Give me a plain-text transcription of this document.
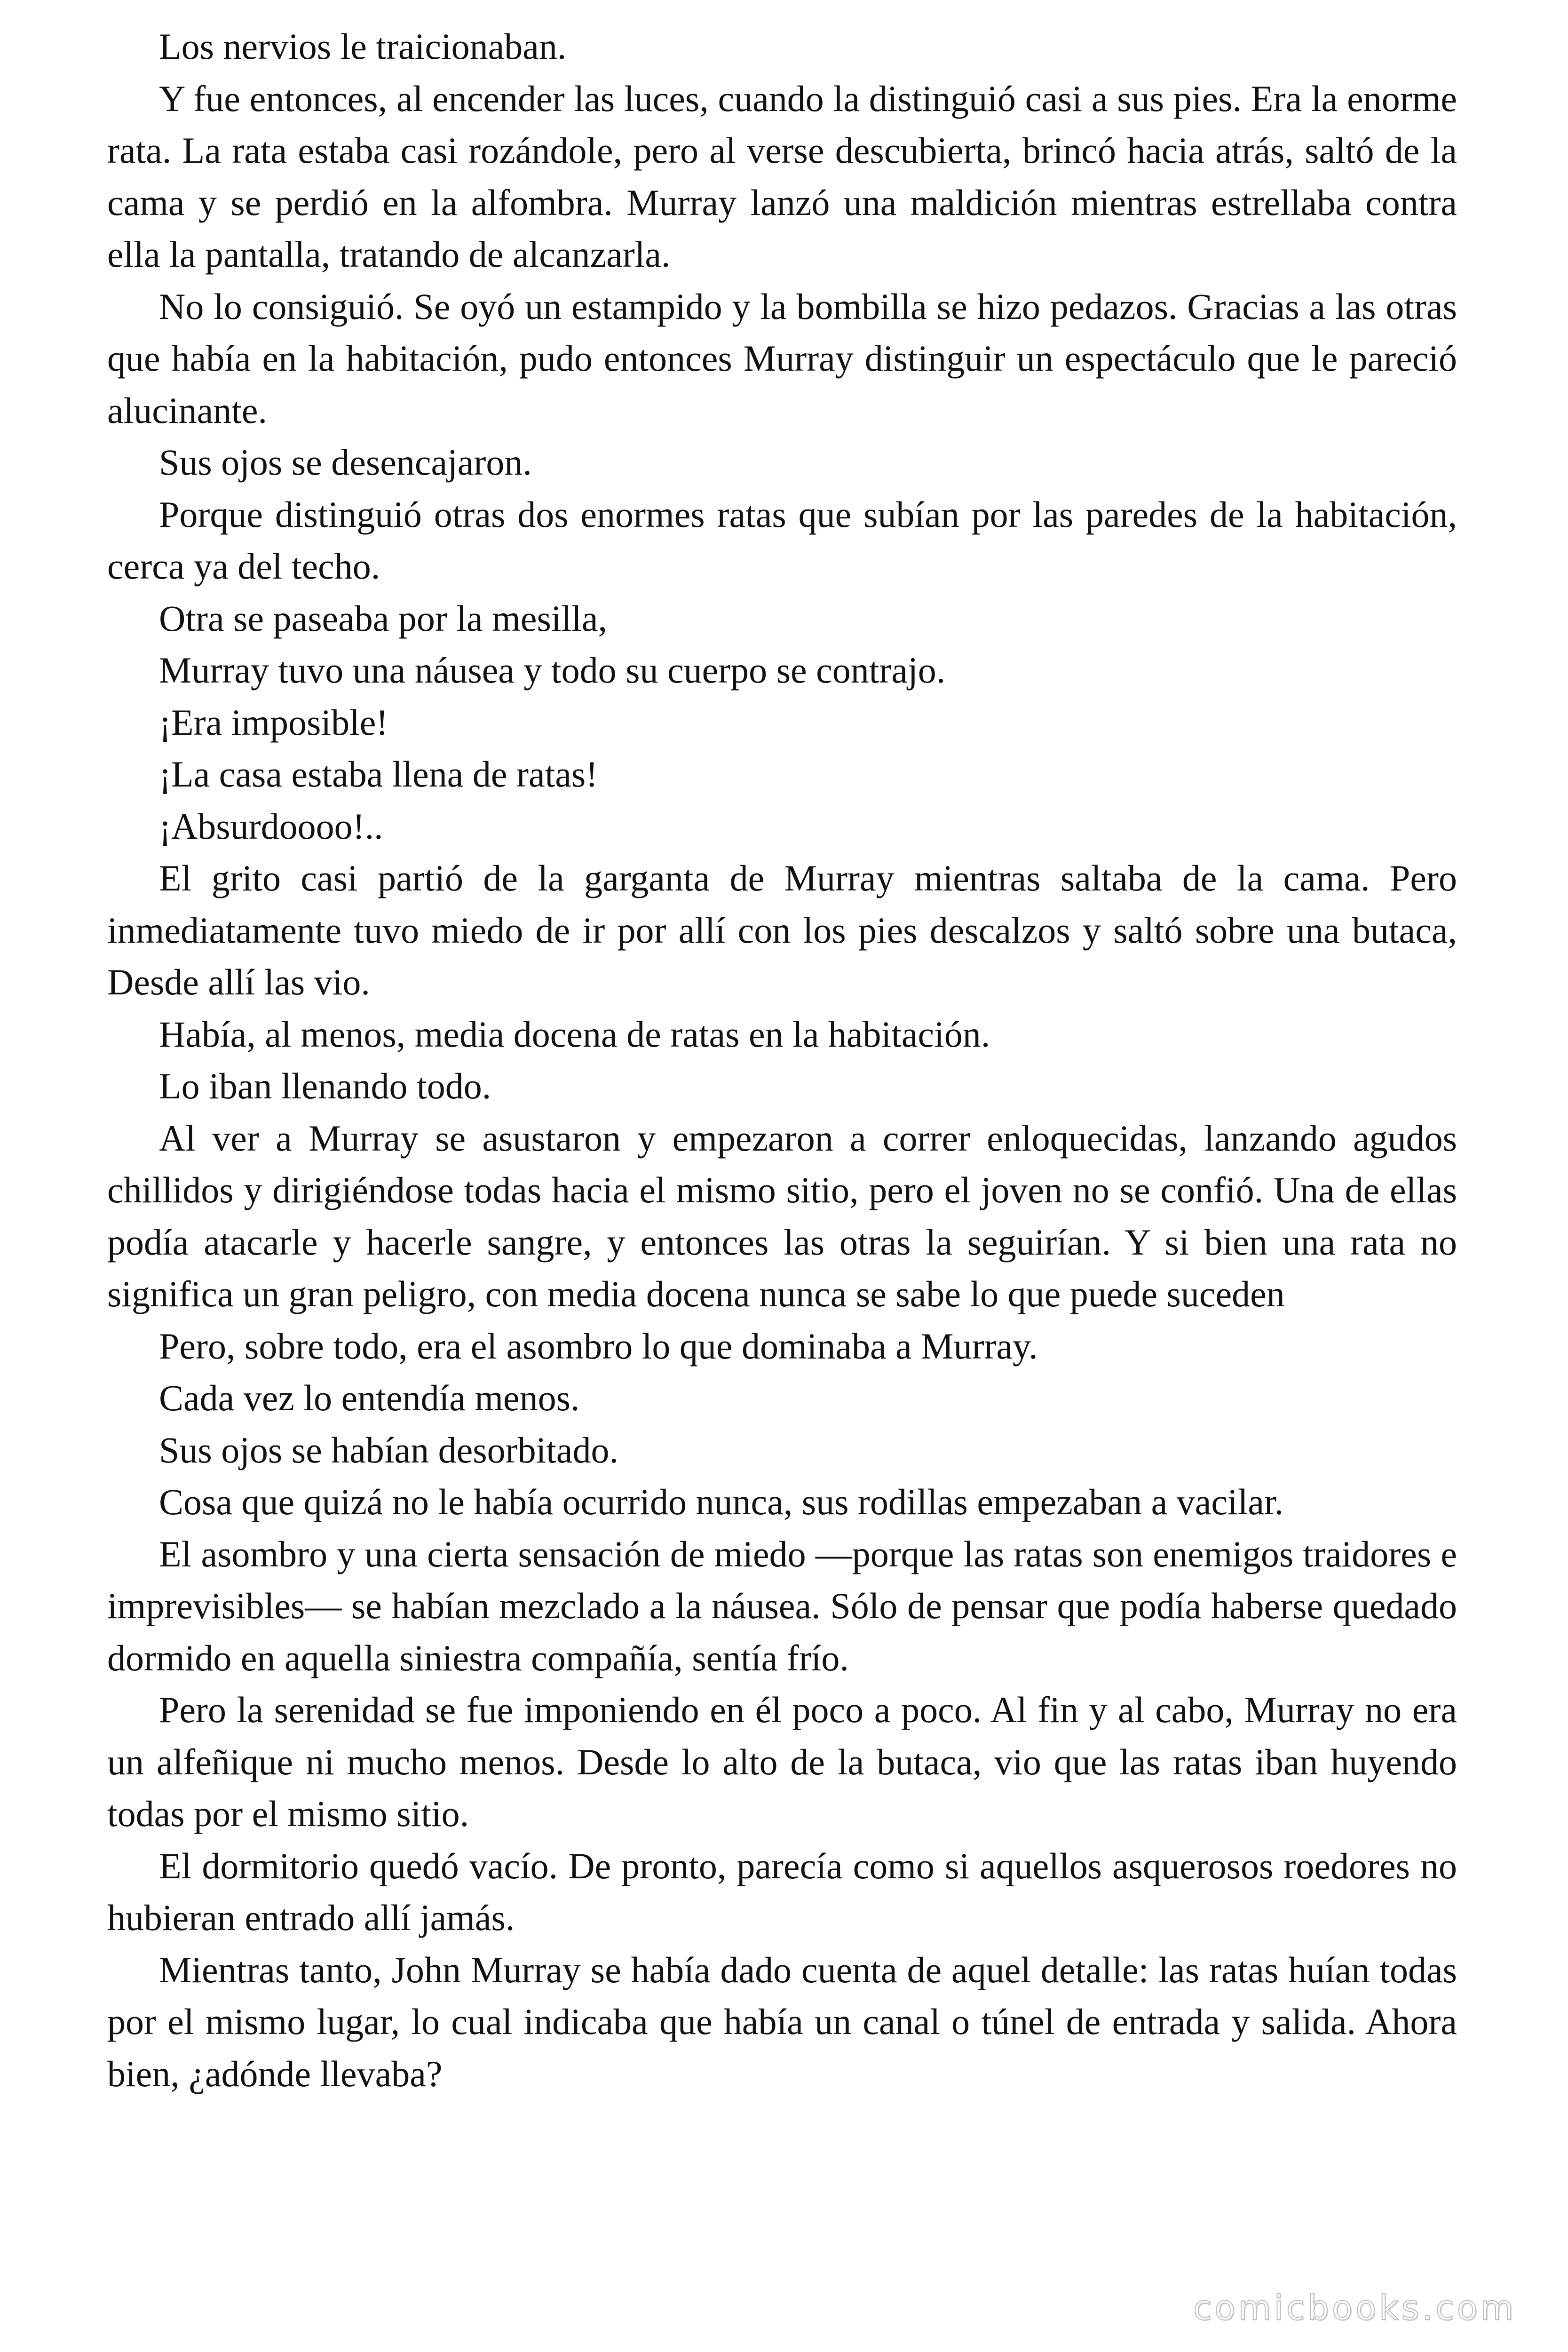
Los nervios le traicionaban.

Y fue entonces, al encender las luces, cuando la distinguió casi a sus pies. Era la enorme rata. La rata estaba casi rozándole, pero al verse descubierta, brincó hacia atrás, saltó de la cama y se perdió en la alfombra. Murray lanzó una maldición mientras estrellaba contra ella la pantalla, tratando de alcanzarla.

No lo consiguió. Se oyó un estampido y la bombilla se hizo pedazos. Gracias a las otras que había en la habitación, pudo entonces Murray distinguir un espectáculo que le pareció alucinante.

Sus ojos se desencajaron.

Porque distinguió otras dos enormes ratas que subían por las paredes de la habitación, cerca ya del techo.

Otra se paseaba por la mesilla,

Murray tuvo una náusea y todo su cuerpo se contrajo.

¡Era imposible!

¡La casa estaba llena de ratas!

¡Absurdoooo!..

El grito casi partió de la garganta de Murray mientras saltaba de la cama. Pero inmediatamente tuvo miedo de ir por allí con los pies descalzos y saltó sobre una butaca, Desde allí las vio.

Había, al menos, media docena de ratas en la habitación.

Lo iban llenando todo.

Al ver a Murray se asustaron y empezaron a correr enloquecidas, lanzando agudos chillidos y dirigiéndose todas hacia el mismo sitio, pero el joven no se confió. Una de ellas podía atacarle y hacerle sangre, y entonces las otras la seguirían. Y si bien una rata no significa un gran peligro, con media docena nunca se sabe lo que puede suceden

Pero, sobre todo, era el asombro lo que dominaba a Murray.

Cada vez lo entendía menos.

Sus ojos se habían desorbitado.

Cosa que quizá no le había ocurrido nunca, sus rodillas empezaban a vacilar.

El asombro y una cierta sensación de miedo —porque las ratas son enemigos traidores e imprevisibles— se habían mezclado a la náusea. Sólo de pensar que podía haberse quedado dormido en aquella siniestra compañía, sentía frío.

Pero la serenidad se fue imponiendo en él poco a poco. Al fin y al cabo, Murray no era un alfeñique ni mucho menos. Desde lo alto de la butaca, vio que las ratas iban huyendo todas por el mismo sitio.

El dormitorio quedó vacío. De pronto, parecía como si aquellos asquerosos roedores no hubieran entrado allí jamás.

Mientras tanto, John Murray se había dado cuenta de aquel detalle: las ratas huían todas por el mismo lugar, lo cual indicaba que había un canal o túnel de entrada y salida. Ahora bien, ¿adónde llevaba?

comicbooks.com
